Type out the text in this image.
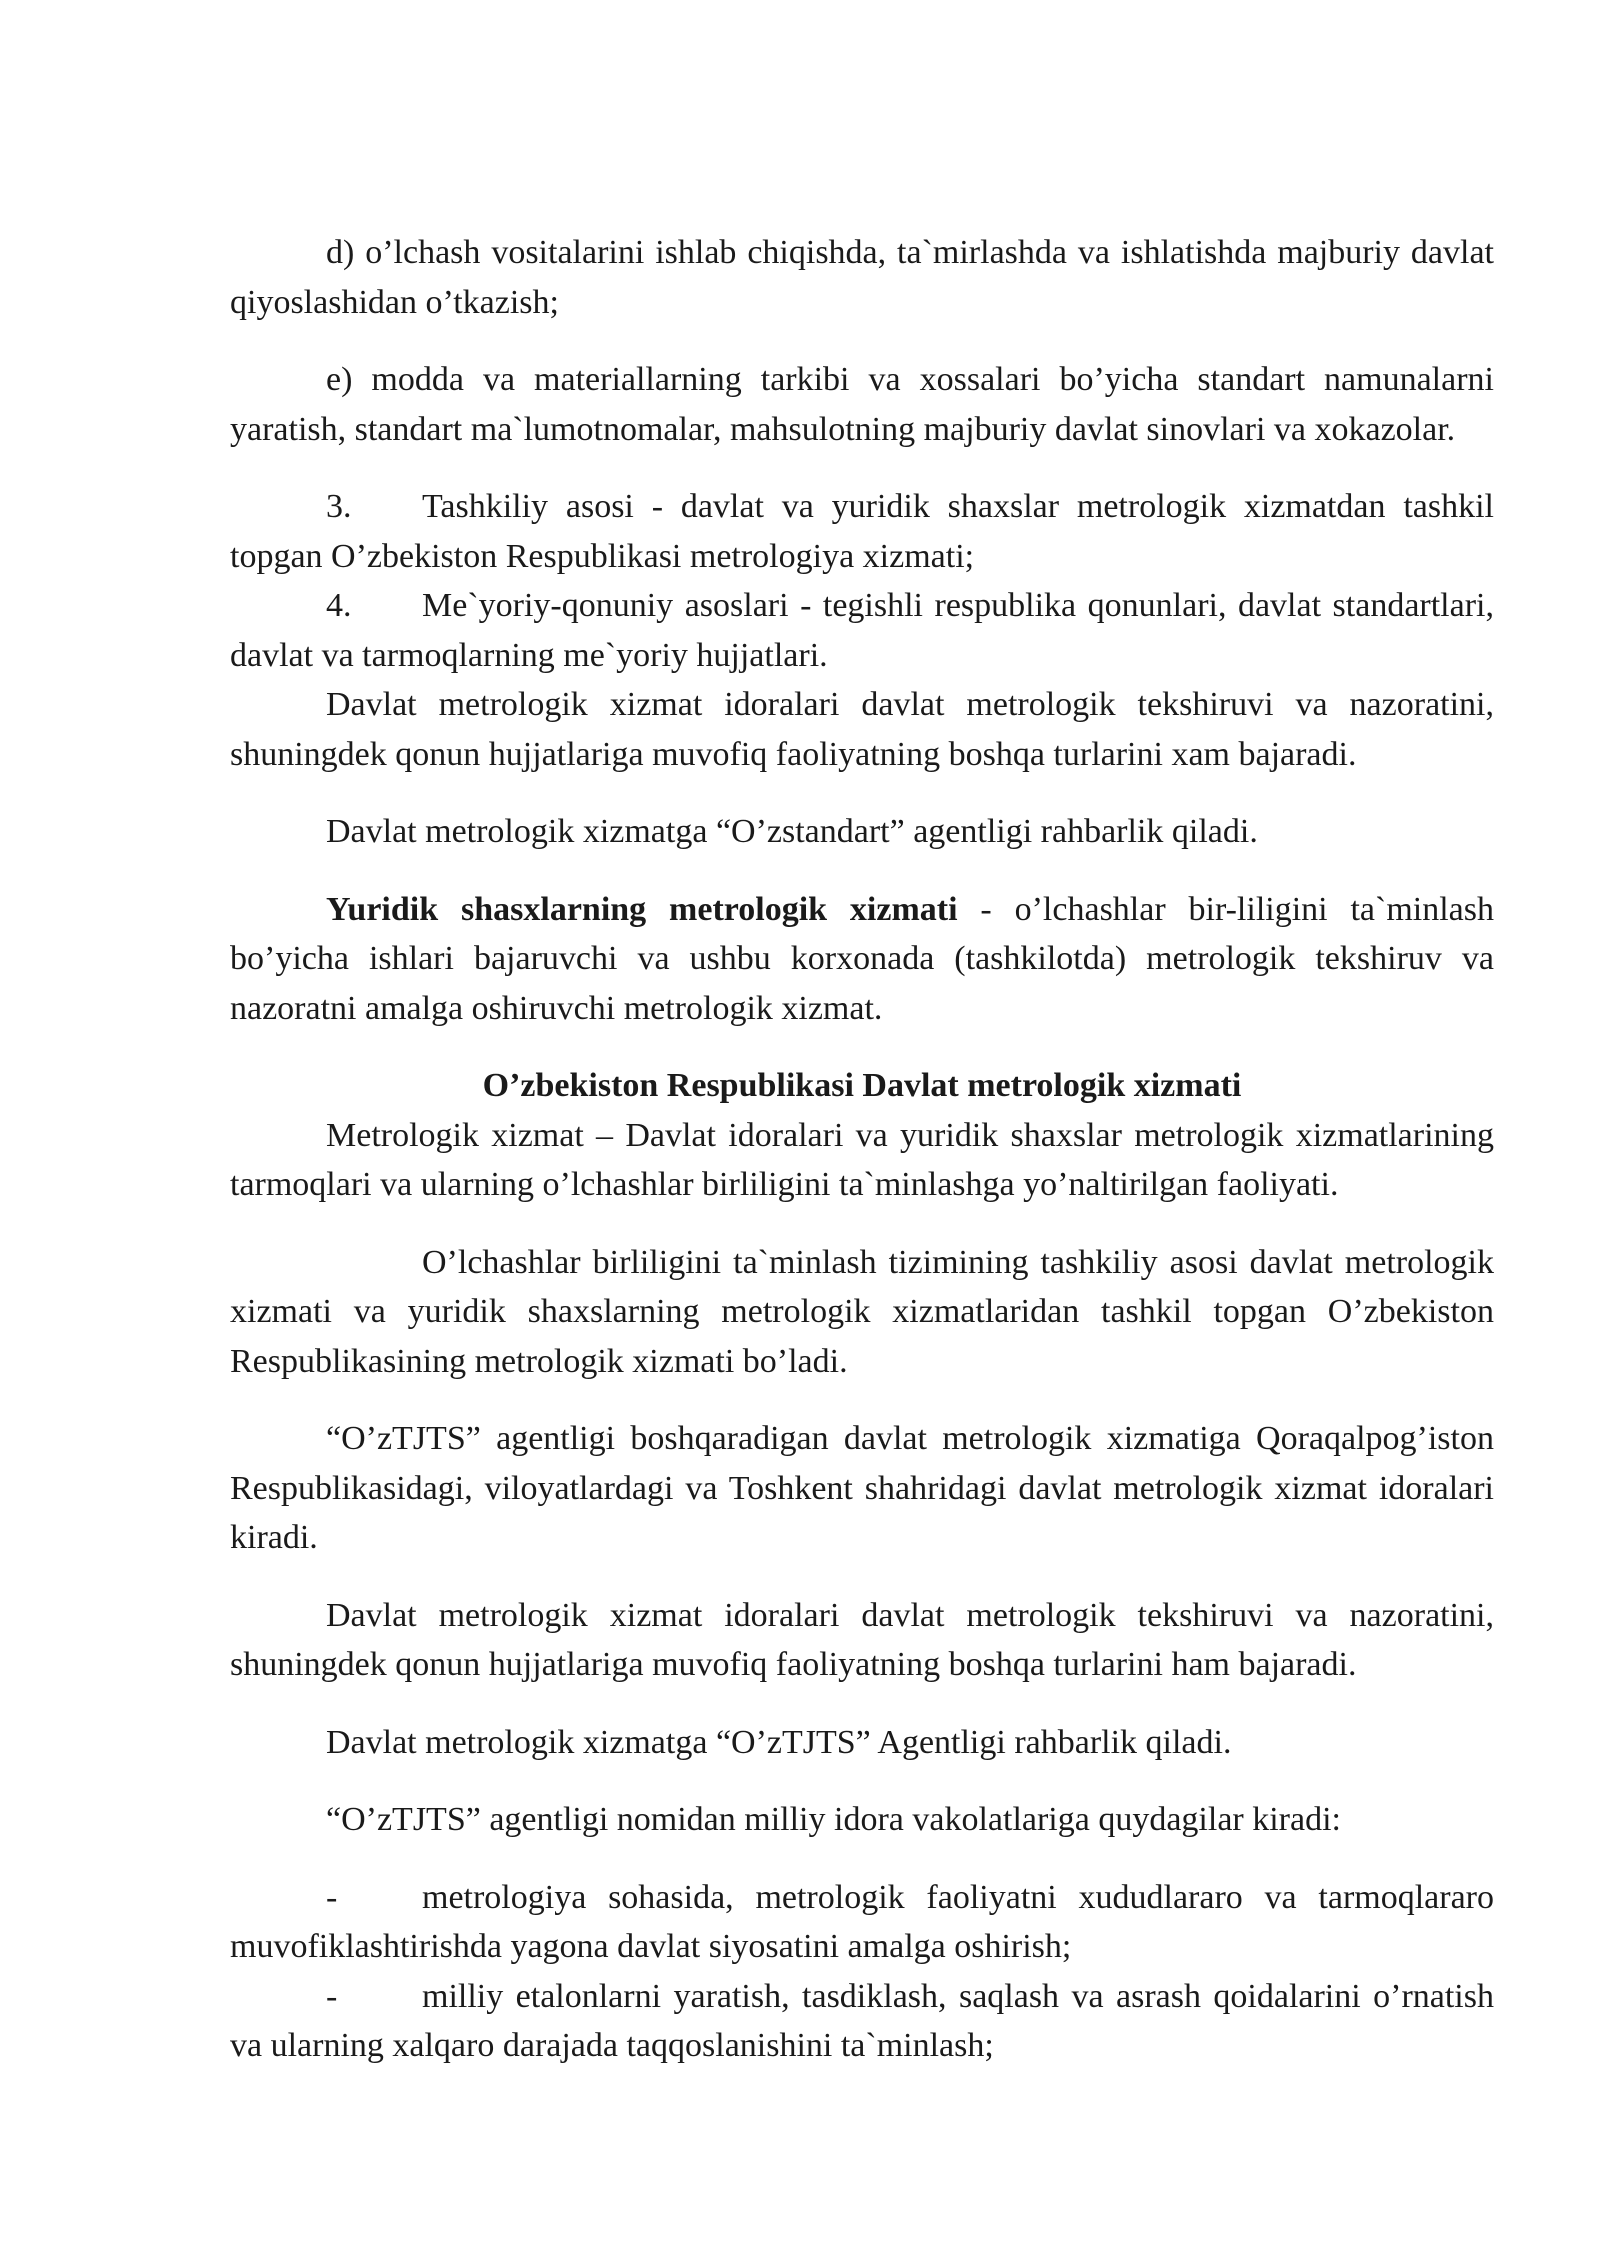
d) o’lchash vositalarini ishlab chiqishda, ta`mirlashda va ishlatishda majburiy davlat qiyoslashidan o’tkazish;

e) modda va materiallarning tarkibi va xossalari bo’yicha standart namunalarni yaratish, standart ma`lumotnomalar, mahsulotning majburiy davlat sinovlari va xokazolar.

3. Tashkiliy asosi - davlat va yuridik shaxslar metrologik xizmatdan tashkil topgan O’zbekiston Respublikasi metrologiya xizmati;

4. Me`yoriy-qonuniy asoslari - tegishli respublika qonunlari, davlat standartlari, davlat va tarmoqlarning me`yoriy hujjatlari.

Davlat metrologik xizmat idoralari davlat metrologik tekshiruvi va nazoratini, shuningdek qonun hujjatlariga muvofiq faoliyatning boshqa turlarini xam bajaradi.

Davlat metrologik xizmatga “O’zstandart” agentligi rahbarlik qiladi.

Yuridik shasxlarning metrologik xizmati - o’lchashlar bir-liligini ta`minlash bo’yicha ishlari bajaruvchi va ushbu korxonada (tashkilotda) metrologik tekshiruv va nazoratni amalga oshiruvchi metrologik xizmat.

O’zbekiston Respublikasi Davlat metrologik xizmati

Metrologik xizmat – Davlat idoralari va yuridik shaxslar metrologik xizmatlarining tarmoqlari va ularning o’lchashlar birliligini ta`minlashga yo’naltirilgan faoliyati.

O’lchashlar birliligini ta`minlash tizimining tashkiliy asosi davlat metrologik xizmati va yuridik shaxslarning metrologik xizmatlaridan tashkil topgan O’zbekiston Respublikasining metrologik xizmati bo’ladi.

“O’zTJTS” agentligi boshqaradigan davlat metrologik xizmatiga Qoraqalpog’iston Respublikasidagi, viloyatlardagi va Toshkent shahridagi davlat metrologik xizmat idoralari kiradi.

Davlat metrologik xizmat idoralari davlat metrologik tekshiruvi va nazoratini, shuningdek qonun hujjatlariga muvofiq faoliyatning boshqa turlarini ham bajaradi.

Davlat metrologik xizmatga “O’zTJTS” Agentligi rahbarlik qiladi.

“O’zTJTS” agentligi nomidan milliy idora vakolatlariga quydagilar kiradi:

- metrologiya sohasida, metrologik faoliyatni xududlararo va tarmoqlararo muvofiklashtirishda yagona davlat siyosatini amalga oshirish;

- milliy etalonlarni yaratish, tasdiklash, saqlash va asrash qoidalarini o’rnatish va ularning xalqaro darajada taqqoslanishini ta`minlash;
